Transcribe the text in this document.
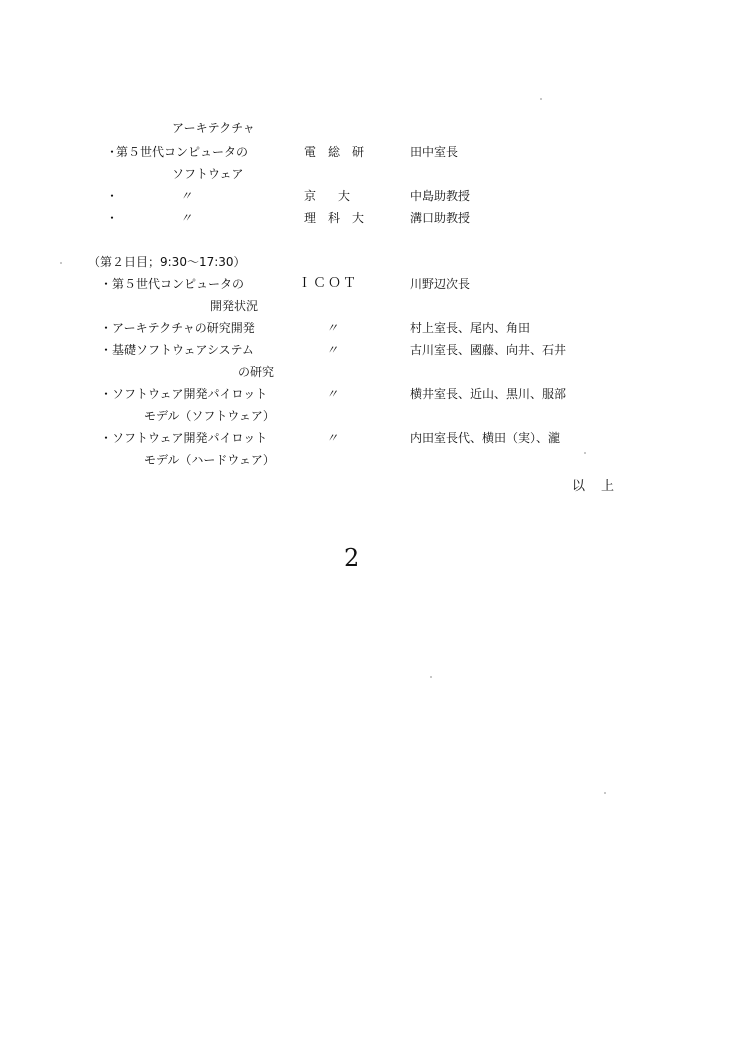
アーキテクチャ
・
第５世代コンピュータの	電総研	田中室長
ソフトウェア
・	〃	京大	中島助教授
・	〃	理科大	溝口助教授
（第２日目；9:30〜17:30）
・第５世代コンピュータの	ＩＣＯＴ	川野辺次長
開発状況
・アーキテクチャの研究開発	〃	村上室長、尾内、角田
・基礎ソフトウェアシステム	〃	古川室長、國藤、向井、石井
の研究
・ソフトウェア開発パイロット	〃	横井室長、近山、黒川、服部
モデル（ソフトウェア）
・ソフトウェア開発パイロット	〃	内田室長代、横田（実）、瀧
モデル（ハードウェア）
以上
2
